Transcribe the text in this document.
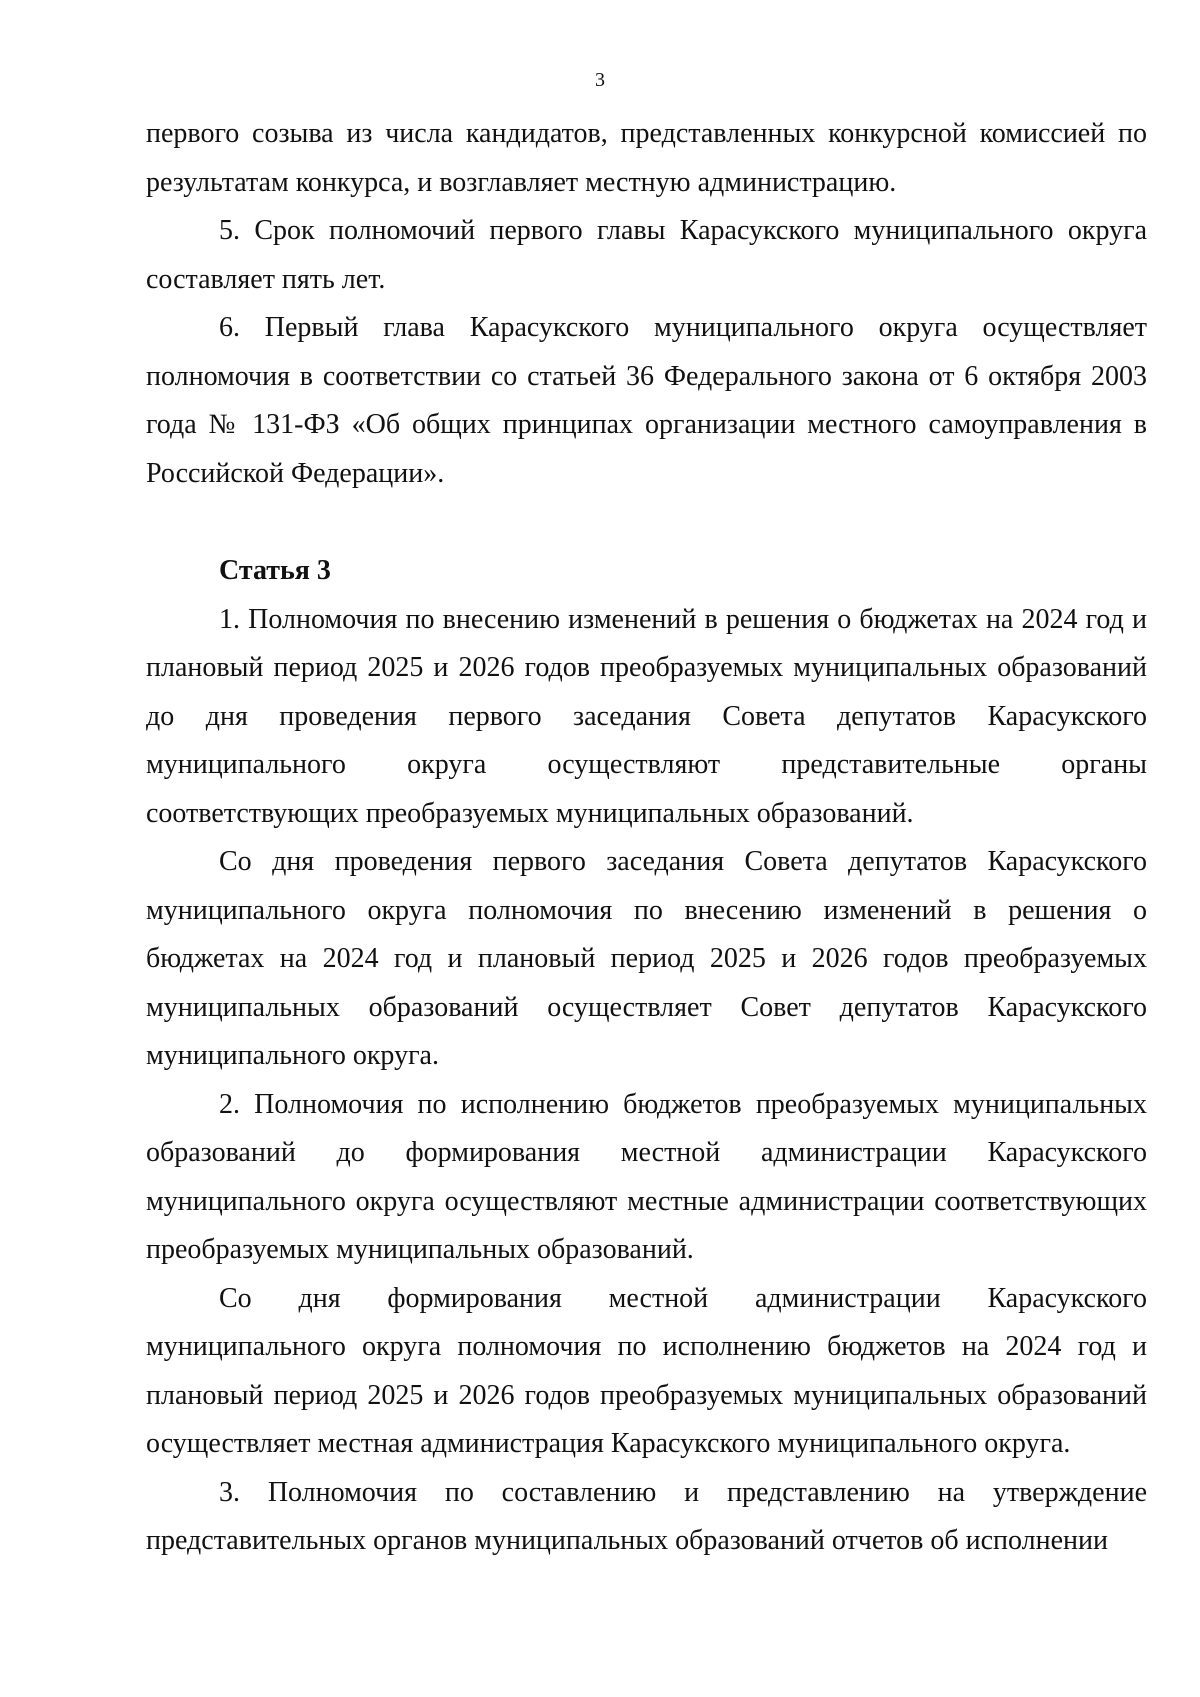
3

первого созыва из числа кандидатов, представленных конкурсной комиссией по результатам конкурса, и возглавляет местную администрацию.

5. Срок полномочий первого главы Карасукского муниципального округа составляет пять лет.

6. Первый глава Карасукского муниципального округа осуществляет полномочия в соответствии со статьей 36 Федерального закона от 6 октября 2003 года № 131-ФЗ «Об общих принципах организации местного самоуправления в Российской Федерации».

Статья 3

1. Полномочия по внесению изменений в решения о бюджетах на 2024 год и плановый период 2025 и 2026 годов преобразуемых муниципальных образований до дня проведения первого заседания Совета депутатов Карасукского муниципального округа осуществляют представительные органы соответствующих преобразуемых муниципальных образований.

Со дня проведения первого заседания Совета депутатов Карасукского муниципального округа полномочия по внесению изменений в решения о бюджетах на 2024 год и плановый период 2025 и 2026 годов преобразуемых муниципальных образований осуществляет Совет депутатов Карасукского муниципального округа.

2. Полномочия по исполнению бюджетов преобразуемых муниципальных образований до формирования местной администрации Карасукского муниципального округа осуществляют местные администрации соответствующих преобразуемых муниципальных образований.

Со дня формирования местной администрации Карасукского муниципального округа полномочия по исполнению бюджетов на 2024 год и плановый период 2025 и 2026 годов преобразуемых муниципальных образований осуществляет местная администрация Карасукского муниципального округа.

3. Полномочия по составлению и представлению на утверждение представительных органов муниципальных образований отчетов об исполнении
